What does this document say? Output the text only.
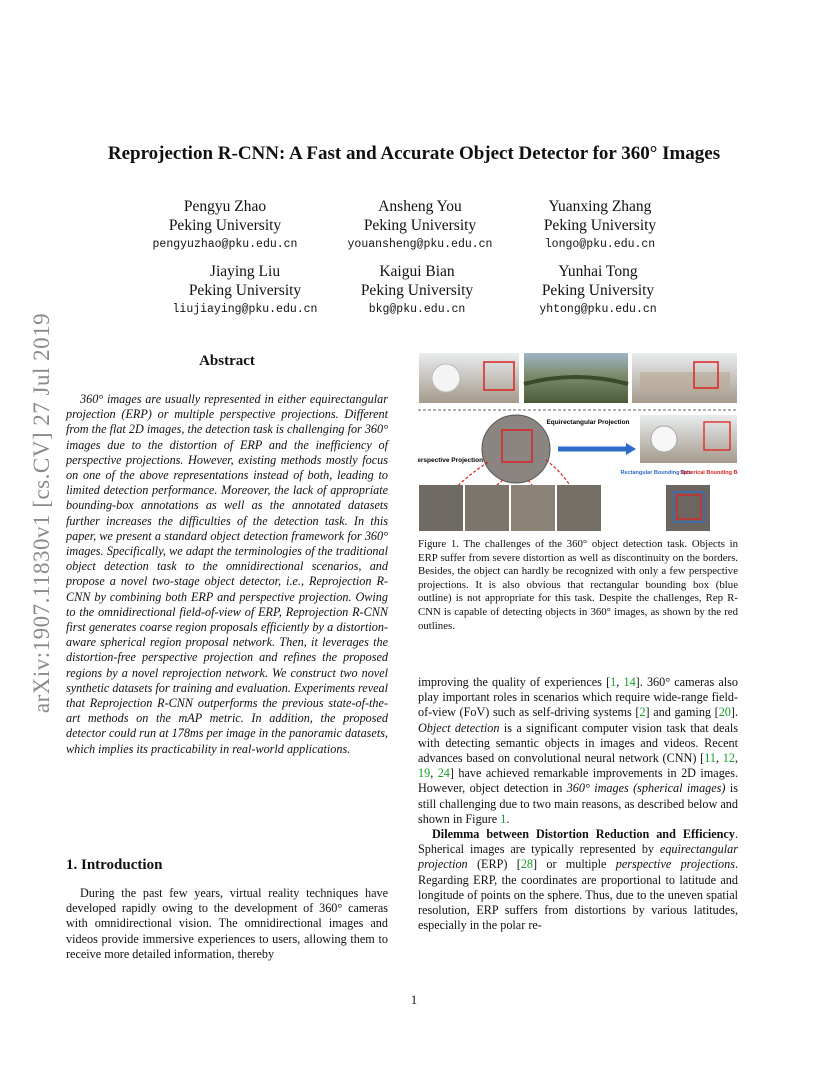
arXiv:1907.11830v1 [cs.CV] 27 Jul 2019
Reprojection R-CNN: A Fast and Accurate Object Detector for 360° Images
Pengyu Zhao
Peking University
pengyuzhao@pku.edu.cn
Ansheng You
Peking University
youansheng@pku.edu.cn
Yuanxing Zhang
Peking University
longo@pku.edu.cn
Jiaying Liu
Peking University
liujiaying@pku.edu.cn
Kaigui Bian
Peking University
bkg@pku.edu.cn
Yunhai Tong
Peking University
yhtong@pku.edu.cn
Abstract

360° images are usually represented in either equirectangular projection (ERP) or multiple perspective projections. Different from the flat 2D images, the detection task is challenging for 360° images due to the distortion of ERP and the inefficiency of perspective projections. However, existing methods mostly focus on one of the above representations instead of both, leading to limited detection performance. Moreover, the lack of appropriate bounding-box annotations as well as the annotated datasets further increases the difficulties of the detection task. In this paper, we present a standard object detection framework for 360° images. Specifically, we adapt the terminologies of the traditional object detection task to the omnidirectional scenarios, and propose a novel two-stage object detector, i.e., Reprojection R-CNN by combining both ERP and perspective projection. Owing to the omnidirectional field-of-view of ERP, Reprojection R-CNN first generates coarse region proposals efficiently by a distortion-aware spherical region proposal network. Then, it leverages the distortion-free perspective projection and refines the proposed regions by a novel reprojection network. We construct two novel synthetic datasets for training and evaluation. Experiments reveal that Reprojection R-CNN outperforms the previous state-of-the-art methods on the mAP metric. In addition, the proposed detector could run at 178ms per image in the panoramic datasets, which implies its practicability in real-world applications.

1. Introduction

During the past few years, virtual reality techniques have developed rapidly owing to the development of 360° cameras with omnidirectional vision. The omnidirectional images and videos provide immersive experiences to users, allowing them to receive more detailed information, thereby

Equirectangular Projection
Perspective Projection
Rectangular Bounding Box
Spherical Bounding Box
Figure 1. The challenges of the 360° object detection task. Objects in ERP suffer from severe distortion as well as discontinuity on the borders. Besides, the object can hardly be recognized with only a few perspective projections. It is also obvious that rectangular bounding box (blue outline) is not appropriate for this task. Despite the challenges, Rep R-CNN is capable of detecting objects in 360° images, as shown by the red outlines.

improving the quality of experiences [1, 14]. 360° cameras also play important roles in scenarios which require wide-range field-of-view (FoV) such as self-driving systems [2] and gaming [20]. Object detection is a significant computer vision task that deals with detecting semantic objects in images and videos. Recent advances based on convolutional neural network (CNN) [11, 12, 19, 24] have achieved remarkable improvements in 2D images. However, object detection in 360° images (spherical images) is still challenging due to two main reasons, as described below and shown in Figure 1.

Dilemma between Distortion Reduction and Efficiency. Spherical images are typically represented by equirectangular projection (ERP) [28] or multiple perspective projections. Regarding ERP, the coordinates are proportional to latitude and longitude of points on the sphere. Thus, due to the uneven spatial resolution, ERP suffers from distortions by various latitudes, especially in the polar re-

1
